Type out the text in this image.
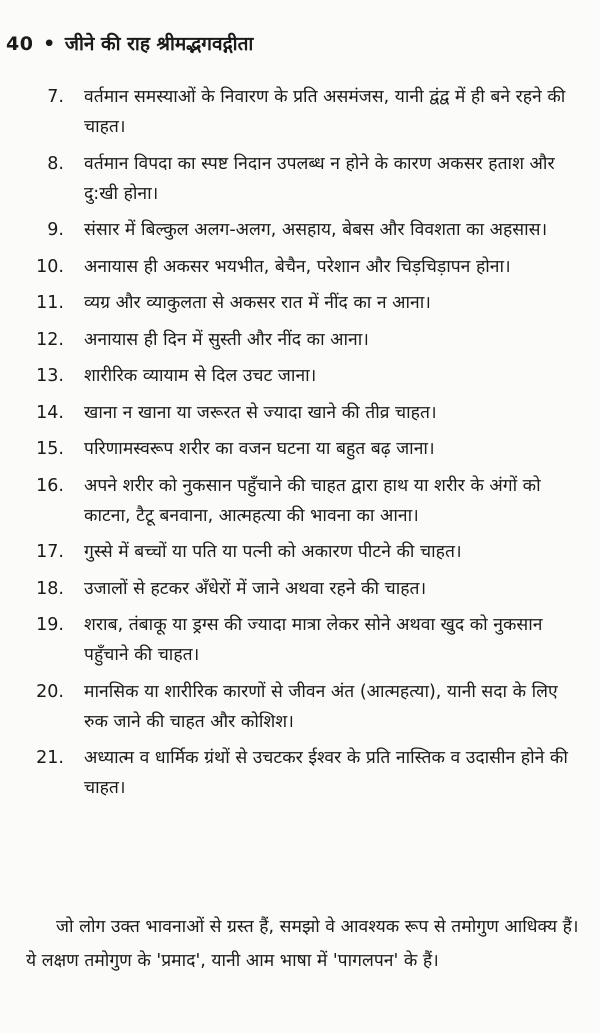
40 • जीने की राह श्रीमद्भगवद्गीता
7.	वर्तमान समस्याओं के निवारण के प्रति असमंजस, यानी द्वंद्व में ही बने रहने की चाहत।
8.	वर्तमान विपदा का स्पष्ट निदान उपलब्ध न होने के कारण अकसर हताश और दु:खी होना।
9.	संसार में बिल्कुल अलग-अलग, असहाय, बेबस और विवशता का अहसास।
10.	अनायास ही अकसर भयभीत, बेचैन, परेशान और चिड़चिड़ापन होना।
11.	व्यग्र और व्याकुलता से अकसर रात में नींद का न आना।
12.	अनायास ही दिन में सुस्ती और नींद का आना।
13.	शारीरिक व्यायाम से दिल उचट जाना।
14.	खाना न खाना या जरूरत से ज्यादा खाने की तीव्र चाहत।
15.	परिणामस्वरूप शरीर का वजन घटना या बहुत बढ़ जाना।
16.	अपने शरीर को नुकसान पहुँचाने की चाहत द्वारा हाथ या शरीर के अंगों को काटना, टैटू बनवाना, आत्महत्या की भावना का आना।
17.	गुस्से में बच्चों या पति या पत्नी को अकारण पीटने की चाहत।
18.	उजालों से हटकर अँधेरों में जाने अथवा रहने की चाहत।
19.	शराब, तंबाकू या ड्रग्स की ज्यादा मात्रा लेकर सोने अथवा खुद को नुकसान पहुँचाने की चाहत।
20.	मानसिक या शारीरिक कारणों से जीवन अंत (आत्महत्या), यानी सदा के लिए रुक जाने की चाहत और कोशिश।
21.	अध्यात्म व धार्मिक ग्रंथों से उचटकर ईश्वर के प्रति नास्तिक व उदासीन होने की चाहत।

जो लोग उक्त भावनाओं से ग्रस्त हैं, समझो वे आवश्यक रूप से तमोगुण आधिक्य हैं। ये लक्षण तमोगुण के 'प्रमाद', यानी आम भाषा में 'पागलपन' के हैं।
